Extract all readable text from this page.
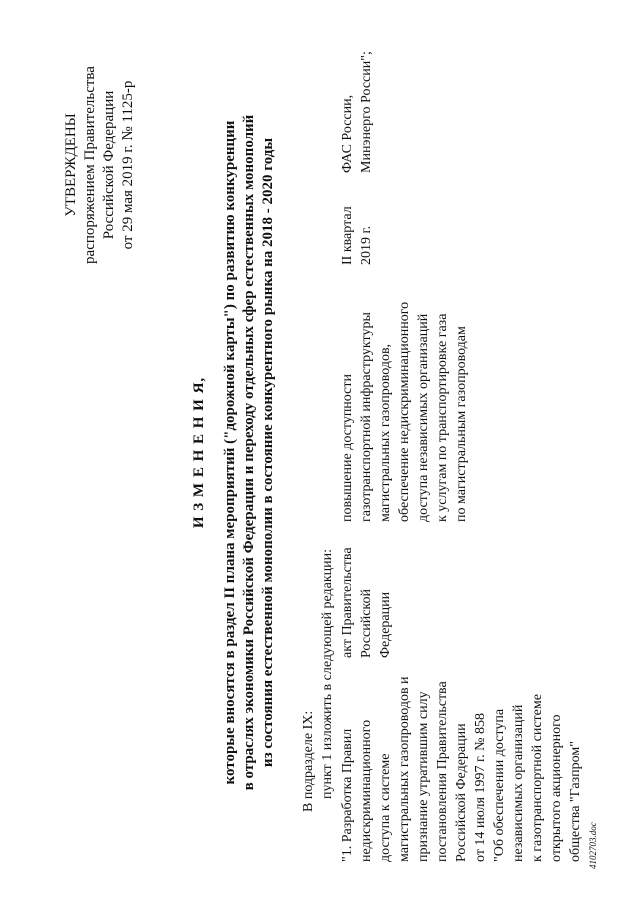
УТВЕРЖДЕНЫ распоряжением Правительства Российской Федерации от 29 мая 2019 г. № 1125-р
И З М Е Н Е Н И Я, которые вносятся в раздел II плана мероприятий ("дорожной карты") по развитию конкуренции в отраслях экономики Российской Федерации и переходу отдельных сфер естественных монополий из состояния естественной монополии в состояние конкурентного рынка на 2018 - 2020 годы В подразделе IX: пункт 1 изложить в следующей редакции: "1. Разработка Правил недискриминационного доступа к системе магистральных газопроводов и признание утратившим силу постановления Правительства Российской Федерации от 14 июля 1997 г. № 858 "Об обеспечении доступа независимых организаций к газотранспортной системе открытого акционерного общества "Газпром"
акт Правительства Российской Федерации
повышение доступности газотранспортной инфраструктуры магистральных газопроводов, обеспечение недискриминационного доступа независимых организаций к услугам по транспортировке газа по магистральным газопроводам
II квартал 2019 г.
ФАС России, Минэнерго России";
4102703.doc
